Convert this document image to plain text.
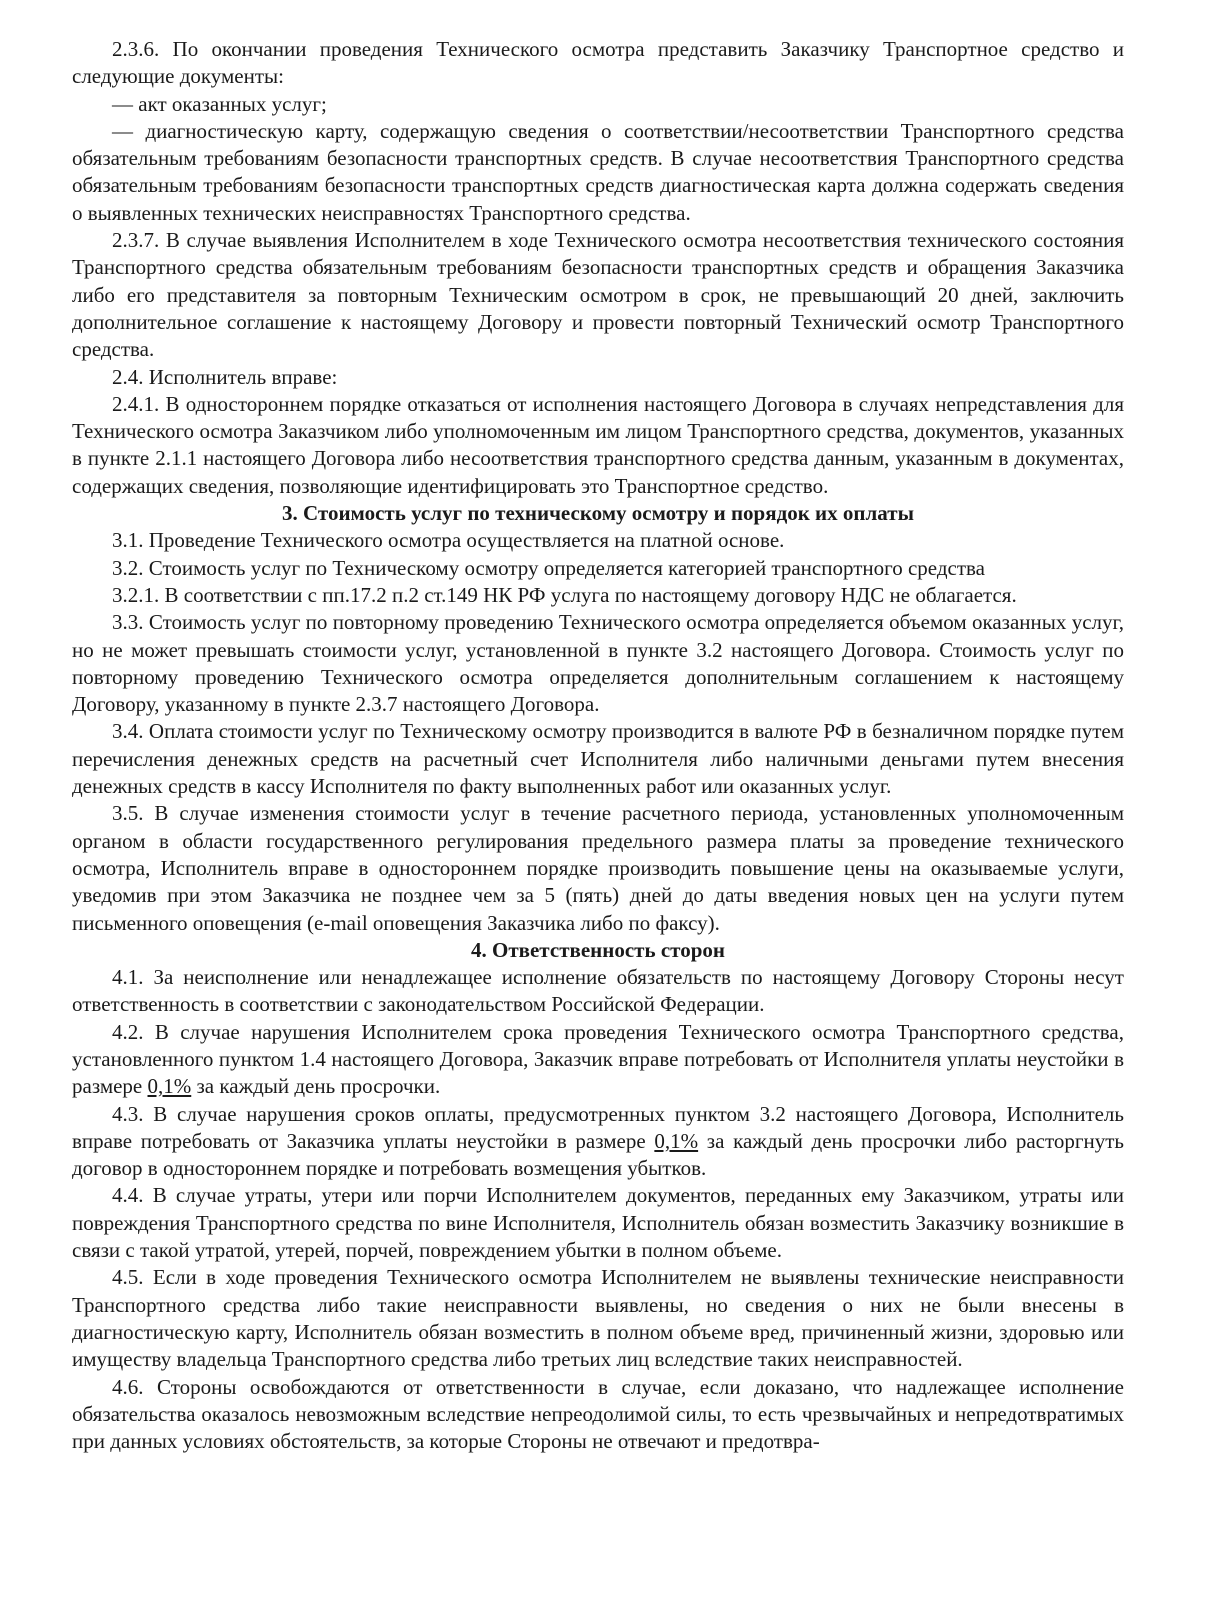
2.3.6. По окончании проведения Технического осмотра представить Заказчику Транспортное средство и следующие документы:

— акт оказанных услуг;

— диагностическую карту, содержащую сведения о соответствии/несоответствии Транспортного средства обязательным требованиям безопасности транспортных средств. В случае несоответствия Транспортного средства обязательным требованиям безопасности транспортных средств диагностическая карта должна содержать сведения о выявленных технических неисправностях Транспортного средства.

2.3.7. В случае выявления Исполнителем в ходе Технического осмотра несоответствия технического состояния Транспортного средства обязательным требованиям безопасности транспортных средств и обращения Заказчика либо его представителя за повторным Техническим осмотром в срок, не превышающий 20 дней, заключить дополнительное соглашение к настоящему Договору и провести повторный Технический осмотр Транспортного средства.

2.4. Исполнитель вправе:

2.4.1. В одностороннем порядке отказаться от исполнения настоящего Договора в случаях непредставления для Технического осмотра Заказчиком либо уполномоченным им лицом Транспортного средства, документов, указанных в пункте 2.1.1 настоящего Договора либо несоответствия транспортного средства данным, указанным в документах, содержащих сведения, позволяющие идентифицировать это Транспортное средство.

3. Стоимость услуг по техническому осмотру и порядок их оплаты

3.1. Проведение Технического осмотра осуществляется на платной основе.

3.2. Стоимость услуг по Техническому осмотру определяется категорией транспортного средства

3.2.1. В соответствии с пп.17.2 п.2 ст.149 НК РФ услуга по настоящему договору НДС не облагается.

3.3. Стоимость услуг по повторному проведению Технического осмотра определяется объемом оказанных услуг, но не может превышать стоимости услуг, установленной в пункте 3.2 настоящего Договора. Стоимость услуг по повторному проведению Технического осмотра определяется дополнительным соглашением к настоящему Договору, указанному в пункте 2.3.7 настоящего Договора.

3.4. Оплата стоимости услуг по Техническому осмотру производится в валюте РФ в безналичном порядке путем перечисления денежных средств на расчетный счет Исполнителя либо наличными деньгами путем внесения денежных средств в кассу Исполнителя по факту выполненных работ или оказанных услуг.

3.5. В случае изменения стоимости услуг в течение расчетного периода, установленных уполномоченным органом в области государственного регулирования предельного размера платы за проведение технического осмотра, Исполнитель вправе в одностороннем порядке производить повышение цены на оказываемые услуги, уведомив при этом Заказчика не позднее чем за 5 (пять) дней до даты введения новых цен на услуги путем письменного оповещения (e-mail оповещения Заказчика либо по факсу).

4. Ответственность сторон

4.1. За неисполнение или ненадлежащее исполнение обязательств по настоящему Договору Стороны несут ответственность в соответствии с законодательством Российской Федерации.

4.2. В случае нарушения Исполнителем срока проведения Технического осмотра Транспортного средства, установленного пунктом 1.4 настоящего Договора, Заказчик вправе потребовать от Исполнителя уплаты неустойки в размере 0,1% за каждый день просрочки.

4.3. В случае нарушения сроков оплаты, предусмотренных пунктом 3.2 настоящего Договора, Исполнитель вправе потребовать от Заказчика уплаты неустойки в размере 0,1% за каждый день просрочки либо расторгнуть договор в одностороннем порядке и потребовать возмещения убытков.

4.4. В случае утраты, утери или порчи Исполнителем документов, переданных ему Заказчиком, утраты или повреждения Транспортного средства по вине Исполнителя, Исполнитель обязан возместить Заказчику возникшие в связи с такой утратой, утерей, порчей, повреждением убытки в полном объеме.

4.5. Если в ходе проведения Технического осмотра Исполнителем не выявлены технические неисправности Транспортного средства либо такие неисправности выявлены, но сведения о них не были внесены в диагностическую карту, Исполнитель обязан возместить в полном объеме вред, причиненный жизни, здоровью или имуществу владельца Транспортного средства либо третьих лиц вследствие таких неисправностей.

4.6. Стороны освобождаются от ответственности в случае, если доказано, что надлежащее исполнение обязательства оказалось невозможным вследствие непреодолимой силы, то есть чрезвычайных и непредотвратимых при данных условиях обстоятельств, за которые Стороны не отвечают и предотвра-
